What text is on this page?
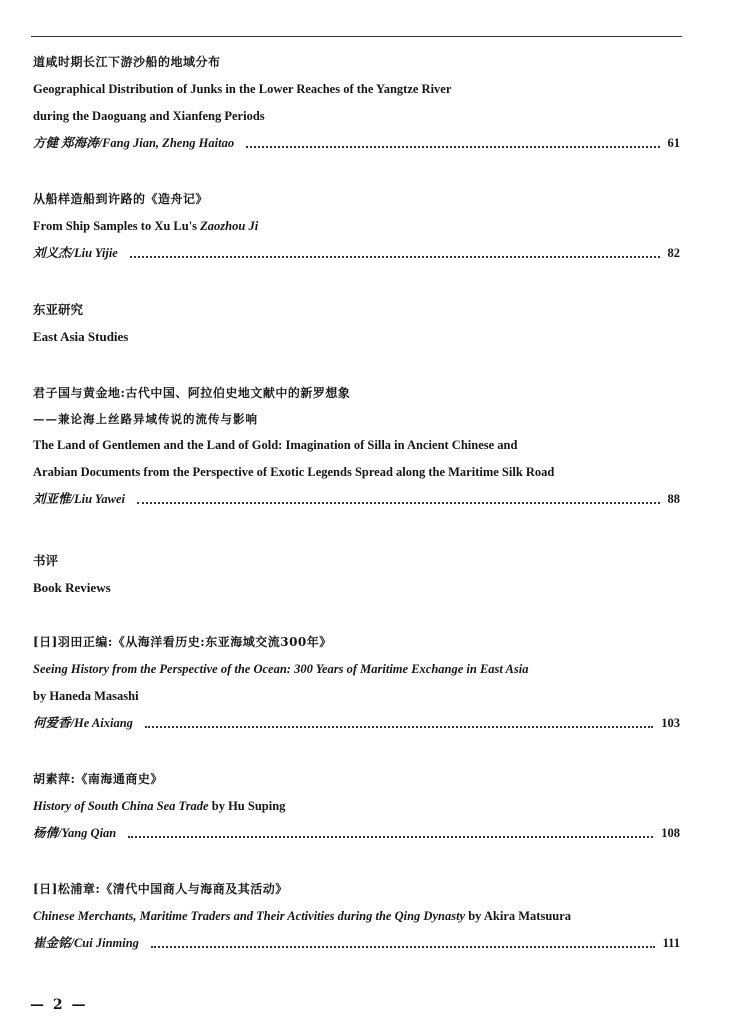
道咸时期长江下游沙船的地域分布
Geographical Distribution of Junks in the Lower Reaches of the Yangtze River
during the Daoguang and Xianfeng Periods
方健 郑海涛/Fang Jian, Zheng Haitao	61
从船样造船到许路的《造舟记》
From Ship Samples to Xu Lu's Zaozhou Ji
刘义杰/Liu Yijie	82
东亚研究
East Asia Studies
君子国与黄金地:古代中国、阿拉伯史地文献中的新罗想象
——兼论海上丝路异域传说的流传与影响
The Land of Gentlemen and the Land of Gold: Imagination of Silla in Ancient Chinese and
Arabian Documents from the Perspective of Exotic Legends Spread along the Maritime Silk Road
刘亚惟/Liu Yawei	88
书评
Book Reviews
[日]羽田正编:《从海洋看历史:东亚海域交流300年》
Seeing History from the Perspective of the Ocean: 300 Years of Maritime Exchange in East Asia
by Haneda Masashi
何爱香/He Aixiang	103
胡素萍:《南海通商史》
History of South China Sea Trade by Hu Suping
杨倩/Yang Qian	108
[日]松浦章:《清代中国商人与海商及其活动》
Chinese Merchants, Maritime Traders and Their Activities during the Qing Dynasty by Akira Matsuura
崔金铭/Cui Jinming	111
— 2 —
